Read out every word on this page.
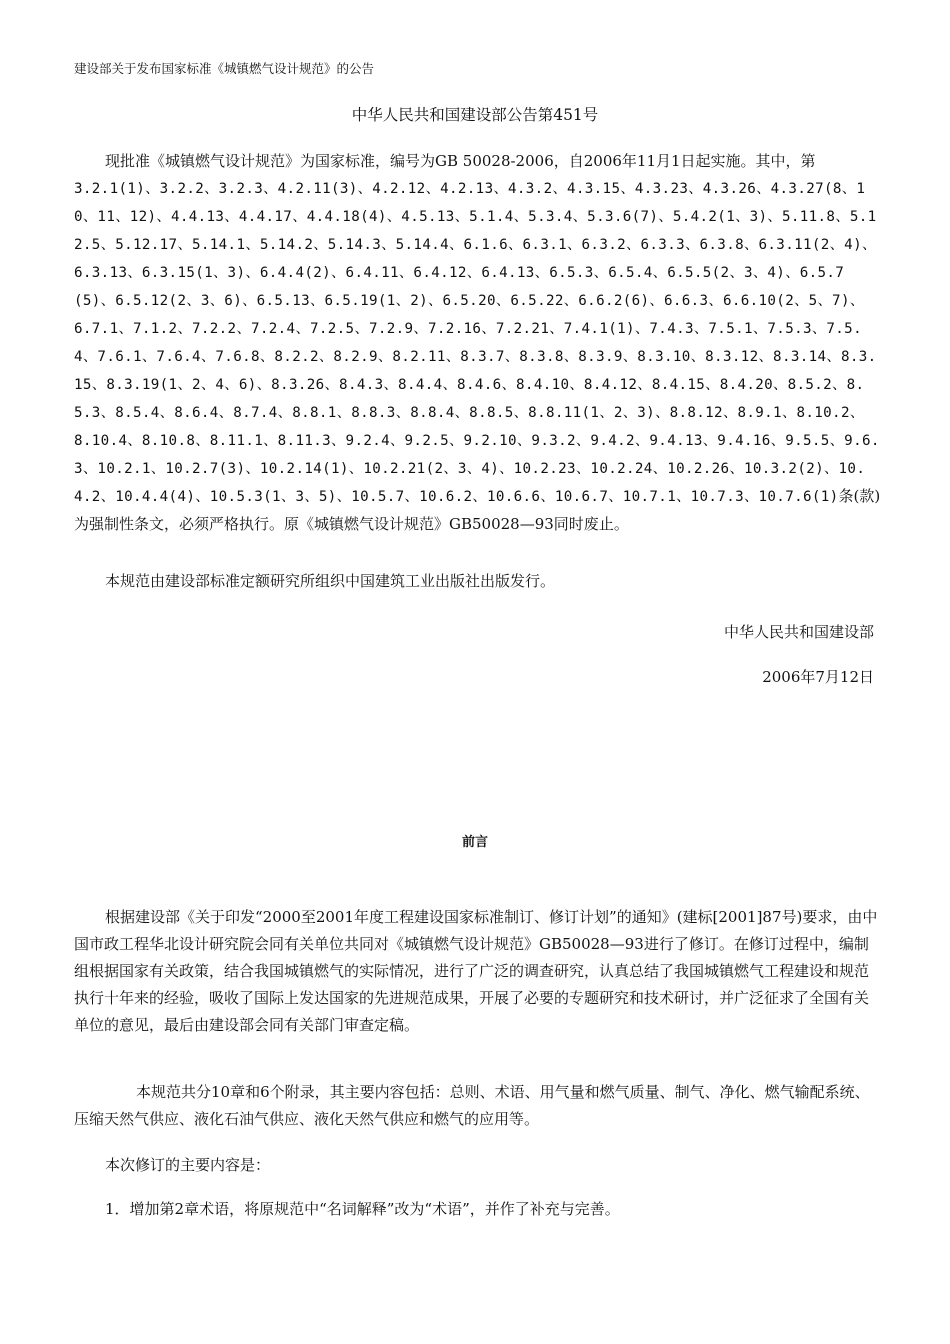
建设部关于发布国家标准《城镇燃气设计规范》的公告
中华人民共和国建设部公告第451号
现批准《城镇燃气设计规范》为国家标准，编号为GB 50028-2006，自2006年11月1日起实施。其中，第
3.2.1(1)、3.2.2、3.2.3、4.2.11(3)、4.2.12、4.2.13、4.3.2、4.3.15、4.3.23、4.3.26、4.3.27(8、10、11、12)、4.4.13、4.4.17、4.4.18(4)、4.5.13、5.1.4、5.3.4、5.3.6(7)、5.4.2(1、3)、5.11.8、5.12.5、5.12.17、5.14.1、5.14.2、5.14.3、5.14.4、6.1.6、6.3.1、6.3.2、6.3.3、6.3.8、6.3.11(2、4)、6.3.13、6.3.15(1、3)、6.4.4(2)、6.4.11、6.4.12、6.4.13、6.5.3、6.5.4、6.5.5(2、3、4)、6.5.7(5)、6.5.12(2、3、6)、6.5.13、6.5.19(1、2)、6.5.20、6.5.22、6.6.2(6)、6.6.3、6.6.10(2、5、7)、6.7.1、7.1.2、7.2.2、7.2.4、7.2.5、7.2.9、7.2.16、7.2.21、7.4.1(1)、7.4.3、7.5.1、7.5.3、7.5.4、7.6.1、7.6.4、7.6.8、8.2.2、8.2.9、8.2.11、8.3.7、8.3.8、8.3.9、8.3.10、8.3.12、8.3.14、8.3.15、8.3.19(1、2、4、6)、8.3.26、8.4.3、8.4.4、8.4.6、8.4.10、8.4.12、8.4.15、8.4.20、8.5.2、8.5.3、8.5.4、8.6.4、8.7.4、8.8.1、8.8.3、8.8.4、8.8.5、8.8.11(1、2、3)、8.8.12、8.9.1、8.10.2、8.10.4、8.10.8、8.11.1、8.11.3、9.2.4、9.2.5、9.2.10、9.3.2、9.4.2、9.4.13、9.4.16、9.5.5、9.6.3、10.2.1、10.2.7(3)、10.2.14(1)、10.2.21(2、3、4)、10.2.23、10.2.24、10.2.26、10.3.2(2)、10.4.2、10.4.4(4)、10.5.3(1、3、5)、10.5.7、10.6.2、10.6.6、10.6.7、10.7.1、10.7.3、10.7.6(1)条(款)为强制性条文，必须严格执行。原《城镇燃气设计规范》GB50028—93同时废止。
本规范由建设部标准定额研究所组织中国建筑工业出版社出版发行。
中华人民共和国建设部
2006年7月12日
前言
根据建设部《关于印发“2000至2001年度工程建设国家标准制订、修订计划”的通知》(建标[2001]87号)要求，由中国市政工程华北设计研究院会同有关单位共同对《城镇燃气设计规范》GB50028—93进行了修订。在修订过程中，编制组根据国家有关政策，结合我国城镇燃气的实际情况，进行了广泛的调查研究，认真总结了我国城镇燃气工程建设和规范执行十年来的经验，吸收了国际上发达国家的先进规范成果，开展了必要的专题研究和技术研讨，并广泛征求了全国有关单位的意见，最后由建设部会同有关部门审查定稿。
本规范共分10章和6个附录，其主要内容包括：总则、术语、用气量和燃气质量、制气、净化、燃气输配系统、压缩天然气供应、液化石油气供应、液化天然气供应和燃气的应用等。
本次修订的主要内容是：
1．增加第2章术语，将原规范中“名词解释”改为“术语”，并作了补充与完善。
